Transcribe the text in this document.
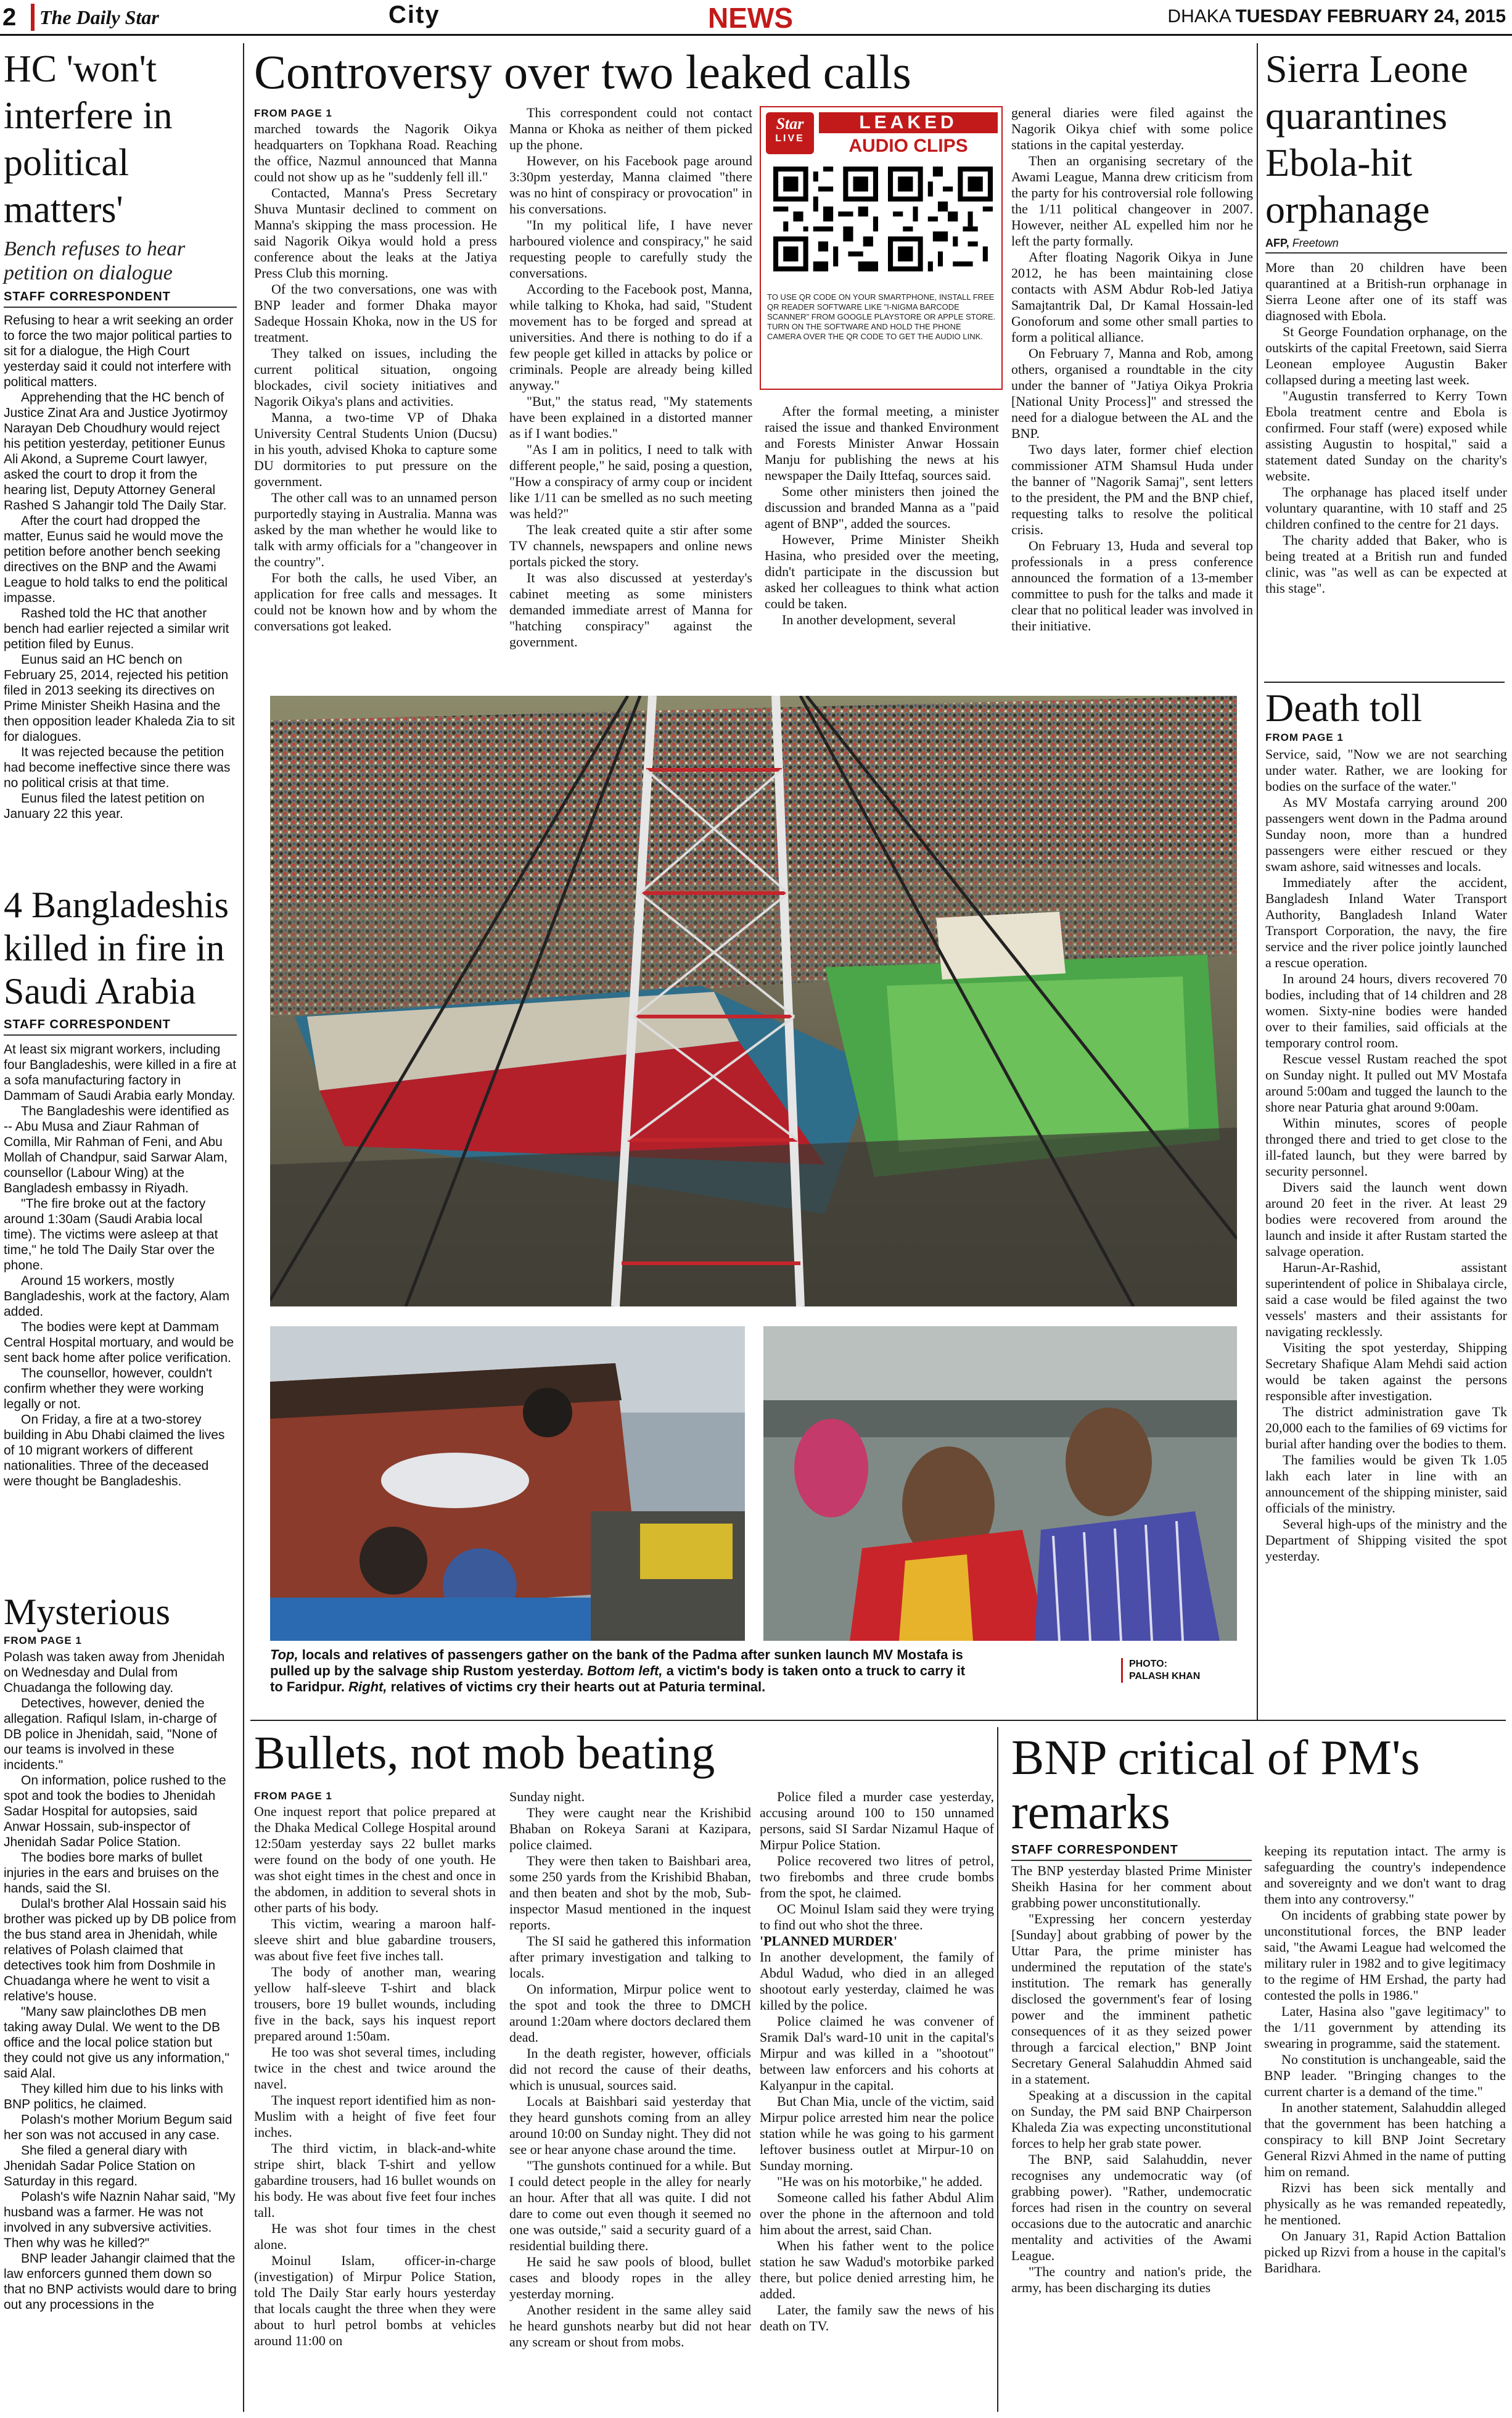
2 The Daily Star	City	NEWS	DHAKA TUESDAY FEBRUARY 24, 2015
HC 'won't interfere in political matters'
Bench refuses to hear petition on dialogue
STAFF CORRESPONDENT

Refusing to hear a writ seeking an order to force the two major political parties to sit for a dialogue, the High Court yesterday said it could not interfere with political matters.

Apprehending that the HC bench of Justice Zinat Ara and Justice Jyotirmoy Narayan Deb Choudhury would reject his petition yesterday, petitioner Eunus Ali Akond, a Supreme Court lawyer, asked the court to drop it from the hearing list, Deputy Attorney General Rashed S Jahangir told The Daily Star.

After the court had dropped the matter, Eunus said he would move the petition before another bench seeking directives on the BNP and the Awami League to hold talks to end the political impasse.

Rashed told the HC that another bench had earlier rejected a similar writ petition filed by Eunus.

Eunus said an HC bench on February 25, 2014, rejected his petition filed in 2013 seeking its directives on Prime Minister Sheikh Hasina and the then opposition leader Khaleda Zia to sit for dialogues.

It was rejected because the petition had become ineffective since there was no political crisis at that time.

Eunus filed the latest petition on January 22 this year.

4 Bangladeshis killed in fire in Saudi Arabia
STAFF CORRESPONDENT

At least six migrant workers, including four Bangladeshis, were killed in a fire at a sofa manufacturing factory in Dammam of Saudi Arabia early Monday.

The Bangladeshis were identified as -- Abu Musa and Ziaur Rahman of Comilla, Mir Rahman of Feni, and Abu Mollah of Chandpur, said Sarwar Alam, counsellor (Labour Wing) at the Bangladesh embassy in Riyadh.

"The fire broke out at the factory around 1:30am (Saudi Arabia local time). The victims were asleep at that time," he told The Daily Star over the phone.

Around 15 workers, mostly Bangladeshis, work at the factory, Alam added.

The bodies were kept at Dammam Central Hospital mortuary, and would be sent back home after police verification.

The counsellor, however, couldn't confirm whether they were working legally or not.

On Friday, a fire at a two-storey building in Abu Dhabi claimed the lives of 10 migrant workers of different nationalities. Three of the deceased were thought be Bangladeshis.

Mysterious
FROM PAGE 1

Polash was taken away from Jhenidah on Wednesday and Dulal from Chuadanga the following day.

Detectives, however, denied the allegation. Rafiqul Islam, in-charge of DB police in Jhenidah, said, "None of our teams is involved in these incidents."

On information, police rushed to the spot and took the bodies to Jhenidah Sadar Hospital for autopsies, said Anwar Hossain, sub-inspector of Jhenidah Sadar Police Station.

The bodies bore marks of bullet injuries in the ears and bruises on the hands, said the SI.

Dulal's brother Alal Hossain said his brother was picked up by DB police from the bus stand area in Jhenidah, while relatives of Polash claimed that detectives took him from Doshmile in Chuadanga where he went to visit a relative's house.

"Many saw plainclothes DB men taking away Dulal. We went to the DB office and the local police station but they could not give us any information," said Alal.

They killed him due to his links with BNP politics, he claimed.

Polash's mother Morium Begum said her son was not accused in any case.

She filed a general diary with Jhenidah Sadar Police Station on Saturday in this regard.

Polash's wife Naznin Nahar said, "My husband was a farmer. He was not involved in any subversive activities. Then why was he killed?"

BNP leader Jahangir claimed that the law enforcers gunned them down so that no BNP activists would dare to bring out any processions in the

Controversy over two leaked calls
FROM PAGE 1

marched towards the Nagorik Oikya headquarters on Topkhana Road. Reaching the office, Nazmul announced that Manna could not show up as he "suddenly fell ill."

Contacted, Manna's Press Secretary Shuva Muntasir declined to comment on Manna's skipping the mass procession. He said Nagorik Oikya would hold a press conference about the leaks at the Jatiya Press Club this morning.

Of the two conversations, one was with BNP leader and former Dhaka mayor Sadeque Hossain Khoka, now in the US for treatment.

They talked on issues, including the current political situation, ongoing blockades, civil society initiatives and Nagorik Oikya's plans and activities.

Manna, a two-time VP of Dhaka University Central Students Union (Ducsu) in his youth, advised Khoka to capture some DU dormitories to put pressure on the government.

The other call was to an unnamed person purportedly staying in Australia. Manna was asked by the man whether he would like to talk with army officials for a "changeover in the country".

For both the calls, he used Viber, an application for free calls and messages. It could not be known how and by whom the conversations got leaked.

This correspondent could not contact Manna or Khoka as neither of them picked up the phone.

However, on his Facebook page around 3:30pm yesterday, Manna claimed "there was no hint of conspiracy or provocation" in his conversations.

"In my political life, I have never harboured violence and conspiracy," he said requesting people to carefully study the conversations.

According to the Facebook post, Manna, while talking to Khoka, had said, "Student movement has to be forged and spread at universities. And there is nothing to do if a few people get killed in attacks by police or criminals. People are already being killed anyway."

"But," the status read, "My statements have been explained in a distorted manner as if I want bodies."

"As I am in politics, I need to talk with different people," he said, posing a question, "How a conspiracy of army coup or incident like 1/11 can be smelled as no such meeting was held?"

The leak created quite a stir after some TV channels, newspapers and online news portals picked the story.

It was also discussed at yesterday's cabinet meeting as some ministers demanded immediate arrest of Manna for "hatching conspiracy" against the government.

Star
LIVE
LEAKED
AUDIO CLIPS
TO USE QR CODE ON YOUR SMARTPHONE, INSTALL FREE QR READER SOFTWARE LIKE "I-NIGMA BARCODE SCANNER" FROM GOOGLE PLAYSTORE OR APPLE STORE. TURN ON THE SOFTWARE AND HOLD THE PHONE CAMERA OVER THE QR CODE TO GET THE AUDIO LINK.

After the formal meeting, a minister raised the issue and thanked Environment and Forests Minister Anwar Hossain Manju for publishing the news at his newspaper the Daily Ittefaq, sources said.

Some other ministers then joined the discussion and branded Manna as a "paid agent of BNP", added the sources.

However, Prime Minister Sheikh Hasina, who presided over the meeting, didn't participate in the discussion but asked her colleagues to think what action could be taken.

In another development, several

general diaries were filed against the Nagorik Oikya chief with some police stations in the capital yesterday.

Then an organising secretary of the Awami League, Manna drew criticism from the party for his controversial role following the 1/11 political changeover in 2007. However, neither AL expelled him nor he left the party formally.

After floating Nagorik Oikya in June 2012, he has been maintaining close contacts with ASM Abdur Rob-led Jatiya Samajtantrik Dal, Dr Kamal Hossain-led Gonoforum and some other small parties to form a political alliance.

On February 7, Manna and Rob, among others, organised a roundtable in the city under the banner of "Jatiya Oikya Prokria [National Unity Process]" and stressed the need for a dialogue between the AL and the BNP.

Two days later, former chief election commissioner ATM Shamsul Huda under the banner of "Nagorik Samaj", sent letters to the president, the PM and the BNP chief, requesting talks to resolve the political crisis.

On February 13, Huda and several top professionals in a press conference announced the formation of a 13-member committee to push for the talks and made it clear that no political leader was involved in their initiative.

Sierra Leone quarantines Ebola-hit orphanage
AFP, Freetown

More than 20 children have been quarantined at a British-run orphanage in Sierra Leone after one of its staff was diagnosed with Ebola.

St George Foundation orphanage, on the outskirts of the capital Freetown, said Sierra Leonean employee Augustin Baker collapsed during a meeting last week.

"Augustin transferred to Kerry Town Ebola treatment centre and Ebola is confirmed. Four staff (were) exposed while assisting Augustin to hospital," said a statement dated Sunday on the charity's website.

The orphanage has placed itself under voluntary quarantine, with 10 staff and 25 children confined to the centre for 21 days.

The charity added that Baker, who is being treated at a British run and funded clinic, was "as well as can be expected at this stage".

Death toll
FROM PAGE 1

Service, said, "Now we are not searching under water. Rather, we are looking for bodies on the surface of the water."

As MV Mostafa carrying around 200 passengers went down in the Padma around Sunday noon, more than a hundred passengers were either rescued or they swam ashore, said witnesses and locals.

Immediately after the accident, Bangladesh Inland Water Transport Authority, Bangladesh Inland Water Transport Corporation, the navy, the fire service and the river police jointly launched a rescue operation.

In around 24 hours, divers recovered 70 bodies, including that of 14 children and 28 women. Sixty-nine bodies were handed over to their families, said officials at the temporary control room.

Rescue vessel Rustam reached the spot on Sunday night. It pulled out MV Mostafa around 5:00am and tugged the launch to the shore near Paturia ghat around 9:00am.

Within minutes, scores of people thronged there and tried to get close to the ill-fated launch, but they were barred by security personnel.

Divers said the launch went down around 20 feet in the river. At least 29 bodies were recovered from around the launch and inside it after Rustam started the salvage operation.

Harun-Ar-Rashid, assistant superintendent of police in Shibalaya circle, said a case would be filed against the two vessels' masters and their assistants for navigating recklessly.

Visiting the spot yesterday, Shipping Secretary Shafique Alam Mehdi said action would be taken against the persons responsible after investigation.

The district administration gave Tk 20,000 each to the families of 69 victims for burial after handing over the bodies to them.

The families would be given Tk 1.05 lakh each later in line with an announcement of the shipping minister, said officials of the ministry.

Several high-ups of the ministry and the Department of Shipping visited the spot yesterday.

Top, locals and relatives of passengers gather on the bank of the Padma after sunken launch MV Mostafa is pulled up by the salvage ship Rustom yesterday. Bottom left, a victim's body is taken onto a truck to carry it to Faridpur. Right, relatives of victims cry their hearts out at Paturia terminal.
PHOTO:
PALASH KHAN
Bullets, not mob beating
FROM PAGE 1

One inquest report that police prepared at the Dhaka Medical College Hospital around 12:50am yesterday says 22 bullet marks were found on the body of one youth. He was shot eight times in the chest and once in the abdomen, in addition to several shots in other parts of his body.

This victim, wearing a maroon half-sleeve shirt and blue gabardine trousers, was about five feet five inches tall.

The body of another man, wearing yellow half-sleeve T-shirt and black trousers, bore 19 bullet wounds, including five in the back, says his inquest report prepared around 1:50am.

He too was shot several times, including twice in the chest and twice around the navel.

The inquest report identified him as non-Muslim with a height of five feet four inches.

The third victim, in black-and-white stripe shirt, black T-shirt and yellow gabardine trousers, had 16 bullet wounds on his body. He was about five feet four inches tall.

He was shot four times in the chest alone.

Moinul Islam, officer-in-charge (investigation) of Mirpur Police Station, told The Daily Star early hours yesterday that locals caught the three when they were about to hurl petrol bombs at vehicles around 11:00 on

Sunday night.

They were caught near the Krishibid Bhaban on Rokeya Sarani at Kazipara, police claimed.

They were then taken to Baishbari area, some 250 yards from the Krishibid Bhaban, and then beaten and shot by the mob, Sub-inspector Masud mentioned in the inquest reports.

The SI said he gathered this information after primary investigation and talking to locals.

On information, Mirpur police went to the spot and took the three to DMCH around 1:20am where doctors declared them dead.

In the death register, however, officials did not record the cause of their deaths, which is unusual, sources said.

Locals at Baishbari said yesterday that they heard gunshots coming from an alley around 10:00 on Sunday night. They did not see or hear anyone chase around the time.

"The gunshots continued for a while. But I could detect people in the alley for nearly an hour. After that all was quite. I did not dare to come out even though it seemed no one was outside," said a security guard of a residential building there.

He said he saw pools of blood, bullet cases and bloody ropes in the alley yesterday morning.

Another resident in the same alley said he heard gunshots nearby but did not hear any scream or shout from mobs.

Police filed a murder case yesterday, accusing around 100 to 150 unnamed persons, said SI Sardar Nizamul Haque of Mirpur Police Station.

Police recovered two litres of petrol, two firebombs and three crude bombs from the spot, he claimed.

OC Moinul Islam said they were trying to find out who shot the three.

'PLANNED MURDER'

In another development, the family of Abdul Wadud, who died in an alleged shootout early yesterday, claimed he was killed by the police.

Police claimed he was convener of Sramik Dal's ward-10 unit in the capital's Mirpur and was killed in a "shootout" between law enforcers and his cohorts at Kalyanpur in the capital.

But Chan Mia, uncle of the victim, said Mirpur police arrested him near the police station while he was going to his garment leftover business outlet at Mirpur-10 on Sunday morning.

"He was on his motorbike," he added.

Someone called his father Abdul Alim over the phone in the afternoon and told him about the arrest, said Chan.

When his father went to the police station he saw Wadud's motorbike parked there, but police denied arresting him, he added.

Later, the family saw the news of his death on TV.

BNP critical of PM's remarks
STAFF CORRESPONDENT

The BNP yesterday blasted Prime Minister Sheikh Hasina for her comment about grabbing power unconstitutionally.

"Expressing her concern yesterday [Sunday] about grabbing of power by the Uttar Para, the prime minister has undermined the reputation of the state's institution. The remark has generally disclosed the government's fear of losing power and the imminent pathetic consequences of it as they seized power through a farcical election," BNP Joint Secretary General Salahuddin Ahmed said in a statement.

Speaking at a discussion in the capital on Sunday, the PM said BNP Chairperson Khaleda Zia was expecting unconstitutional forces to help her grab state power.

The BNP, said Salahuddin, never recognises any undemocratic way (of grabbing power). "Rather, undemocratic forces had risen in the country on several occasions due to the autocratic and anarchic mentality and activities of the Awami League.

"The country and nation's pride, the army, has been discharging its duties

keeping its reputation intact. The army is safeguarding the country's independence and sovereignty and we don't want to drag them into any controversy."

On incidents of grabbing state power by unconstitutional forces, the BNP leader said, "the Awami League had welcomed the military ruler in 1982 and to give legitimacy to the regime of HM Ershad, the party had contested the polls in 1986."

Later, Hasina also "gave legitimacy" to the 1/11 government by attending its swearing in programme, said the statement.

No constitution is unchangeable, said the BNP leader. "Bringing changes to the current charter is a demand of the time."

In another statement, Salahuddin alleged that the government has been hatching a conspiracy to kill BNP Joint Secretary General Rizvi Ahmed in the name of putting him on remand.

Rizvi has been sick mentally and physically as he was remanded repeatedly, he mentioned.

On January 31, Rapid Action Battalion picked up Rizvi from a house in the capital's Baridhara.
